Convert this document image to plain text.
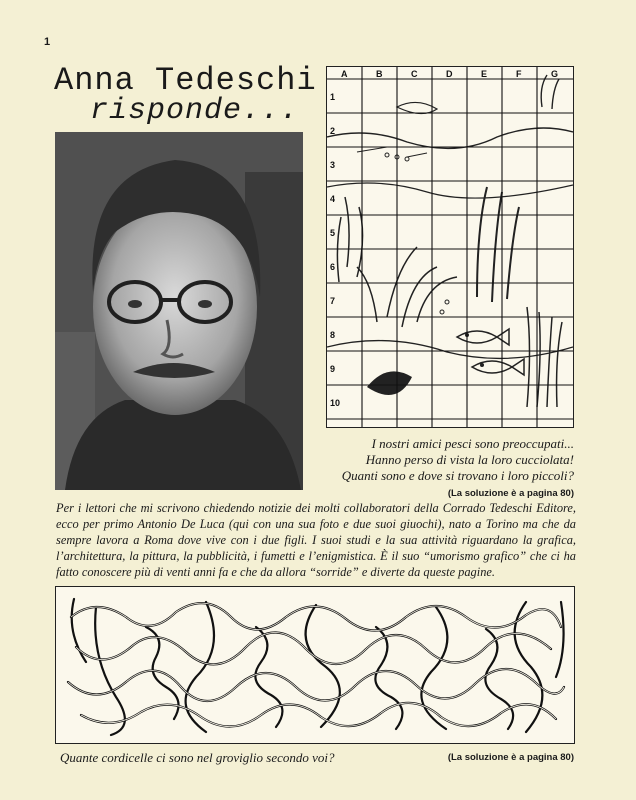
1
Anna Tedeschi
risponde...
A	B	C	D	E	F	G
1
2
3
4
5
6
7
8
9
10

I nostri amici pesci sono preoccupati...

Hanno perso di vista la loro cucciolata!

Quanti sono e dove si trovano i loro piccoli?

(La soluzione è a pagina 80)

Per i lettori che mi scrivono chiedendo notizie dei molti collaboratori della Corrado Tedeschi Editore, ecco per primo Antonio De Luca (qui con una sua foto e due suoi giuochi), nato a Torino ma che da sempre lavora a Roma dove vive con i due figli. I suoi studi e la sua attività riguardano la grafica, l’architettura, la pittura, la pubblicità, i fumetti e l’enigmistica. È il suo “umorismo grafico” che ci ha fatto conoscere più di venti anni fa e che da allora “sorride” e diverte da queste pagine.

Quante cordicelle ci sono nel groviglio secondo voi?	(La soluzione è a pagina 80)
